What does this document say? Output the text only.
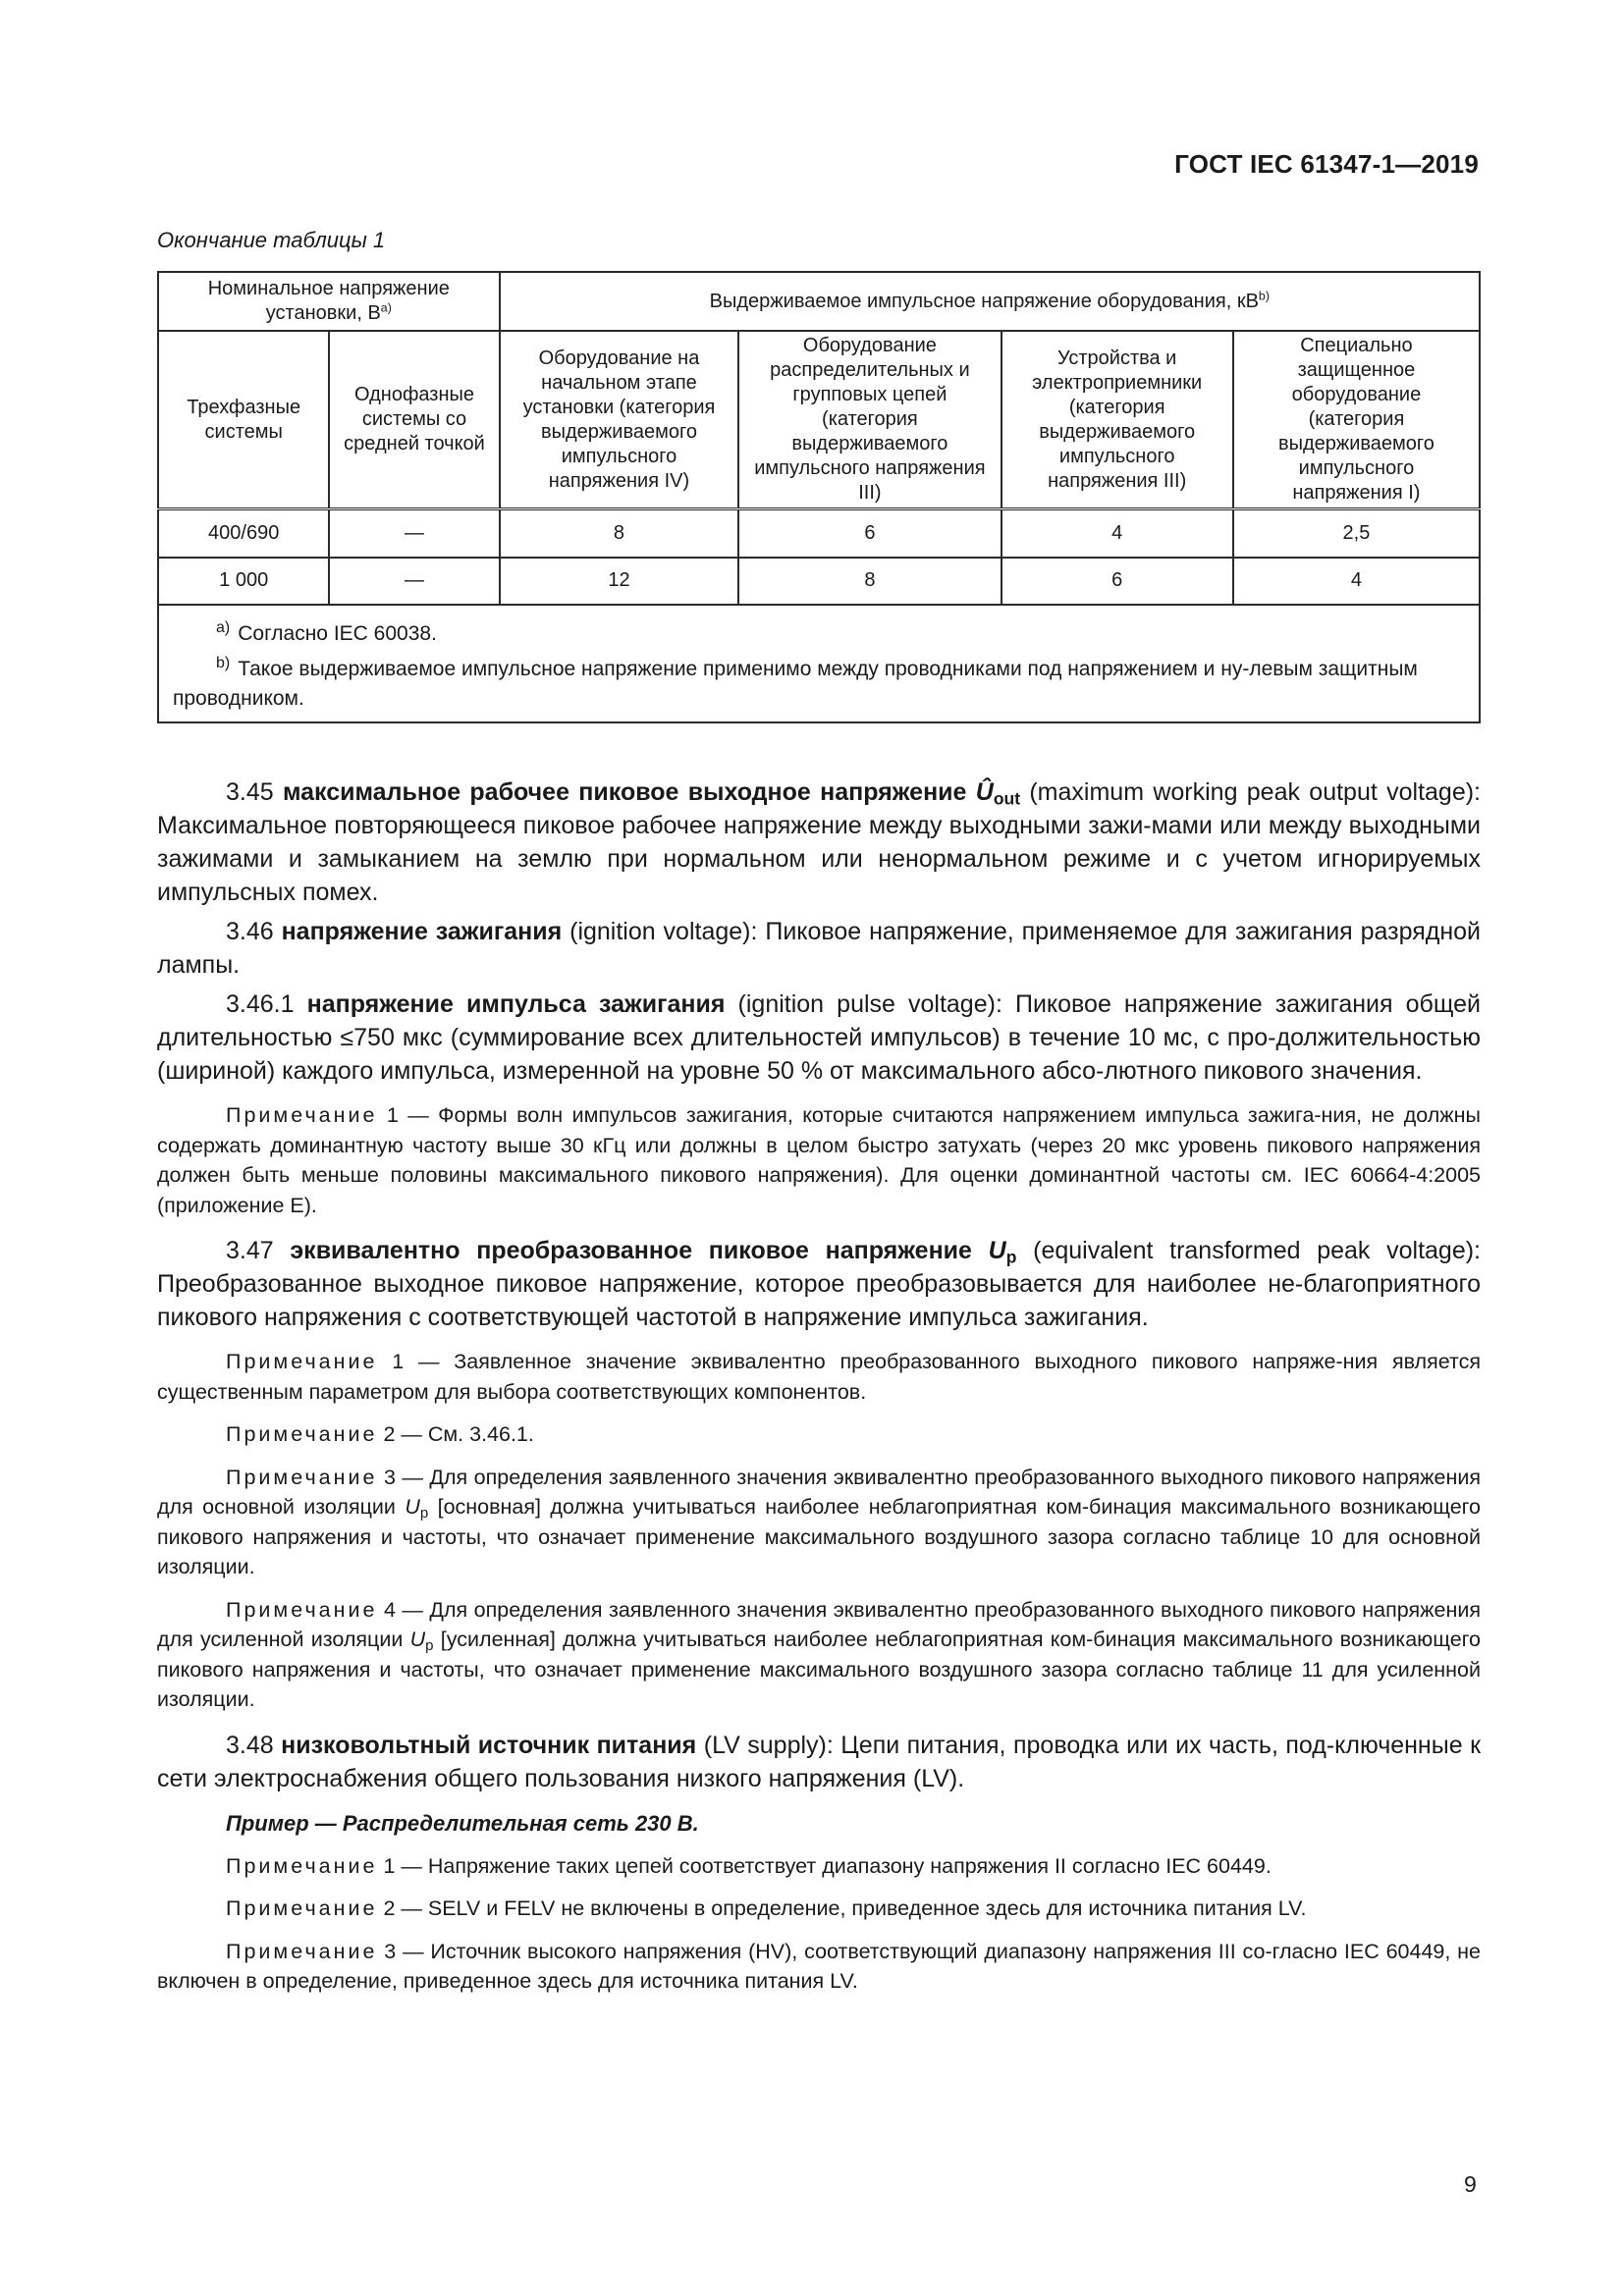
ГОСТ IEC 61347-1—2019
Окончание таблицы 1
Номинальное напряжение установки, $В^{a)}$		Выдерживаемое импульсное напряжение оборудования, $кВ^{b)}$
Трехфазные системы	Однофазные системы со средней точкой	Оборудование на начальном этапе установки (категория выдерживаемого импульсного напряжения IV)	Оборудование распределительных и групповых цепей (категория выдерживаемого импульсного напряжения III)	Устройства и электроприемники (категория выдерживаемого импульсного напряжения III)	Специально защищенное оборудование (категория выдерживаемого импульсного напряжения I)
400/690	—	8	6	4	2,5
1 000	—	12	8	6	4

$^{a)}$ Согласно IEC 60038.
$^{b)}$ Такое выдерживаемое импульсное напряжение применимо между проводниками под напряжением и ну-левым защитным проводником.					

3.45 максимальное рабочее пиковое выходное напряжение Ûout (maximum working peak output voltage): Максимальное повторяющееся пиковое рабочее напряжение между выходными зажи-мами или между выходными зажимами и замыканием на землю при нормальном или ненормальном режиме и с учетом игнорируемых импульсных помех.

3.46 напряжение зажигания (ignition voltage): Пиковое напряжение, применяемое для зажигания разрядной лампы.

3.46.1 напряжение импульса зажигания (ignition pulse voltage): Пиковое напряжение зажигания общей длительностью ≤750 мкс (суммирование всех длительностей импульсов) в течение 10 мс, с про-должительностью (шириной) каждого импульса, измеренной на уровне 50 % от максимального абсо-лютного пикового значения.

Примечание 1 — Формы волн импульсов зажигания, которые считаются напряжением импульса зажига-ния, не должны содержать доминантную частоту выше 30 кГц или должны в целом быстро затухать (через 20 мкс уровень пикового напряжения должен быть меньше половины максимального пикового напряжения). Для оценки доминантной частоты см. IEC 60664-4:2005 (приложение E).

3.47 эквивалентно преобразованное пиковое напряжение Up (equivalent transformed peak voltage): Преобразованное выходное пиковое напряжение, которое преобразовывается для наиболее не-благоприятного пикового напряжения с соответствующей частотой в напряжение импульса зажигания.

Примечание 1 — Заявленное значение эквивалентно преобразованного выходного пикового напряже-ния является существенным параметром для выбора соответствующих компонентов.

Примечание 2 — См. 3.46.1.

Примечание 3 — Для определения заявленного значения эквивалентно преобразованного выходного пикового напряжения для основной изоляции Up [основная] должна учитываться наиболее неблагоприятная ком-бинация максимального возникающего пикового напряжения и частоты, что означает применение максимального воздушного зазора согласно таблице 10 для основной изоляции.

Примечание 4 — Для определения заявленного значения эквивалентно преобразованного выходного пикового напряжения для усиленной изоляции Up [усиленная] должна учитываться наиболее неблагоприятная ком-бинация максимального возникающего пикового напряжения и частоты, что означает применение максимального воздушного зазора согласно таблице 11 для усиленной изоляции.

3.48 низковольтный источник питания (LV supply): Цепи питания, проводка или их часть, под-ключенные к сети электроснабжения общего пользования низкого напряжения (LV).

Пример — Распределительная сеть 230 В.

Примечание 1 — Напряжение таких цепей соответствует диапазону напряжения II согласно IEC 60449.

Примечание 2 — SELV и FELV не включены в определение, приведенное здесь для источника питания LV.

Примечание 3 — Источник высокого напряжения (HV), соответствующий диапазону напряжения III со-гласно IEC 60449, не включен в определение, приведенное здесь для источника питания LV.

9
